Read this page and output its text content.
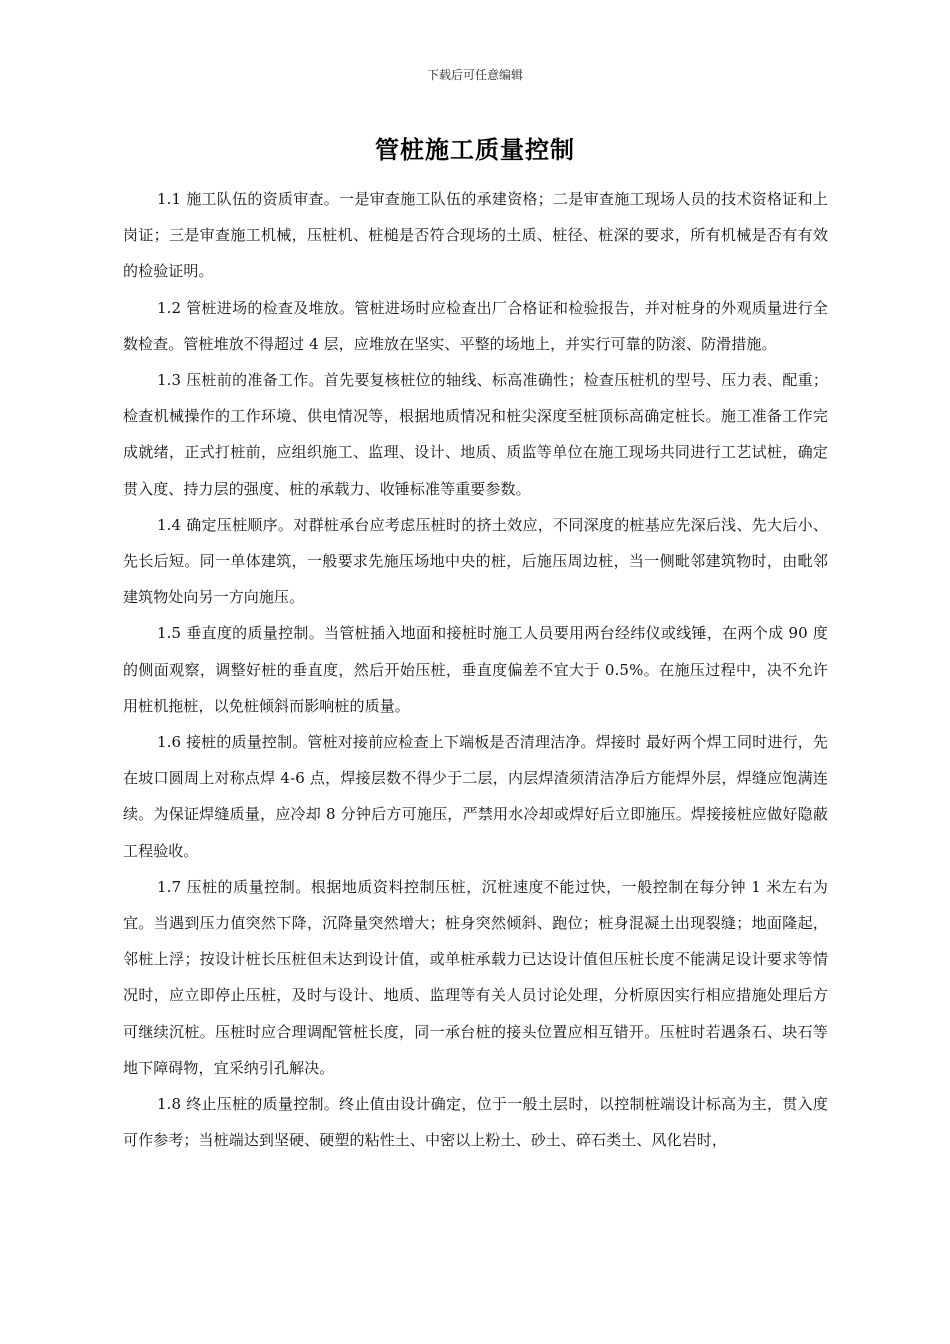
下载后可任意编辑
管桩施工质量控制

1.1 施工队伍的资质审查。一是审查施工队伍的承建资格；二是审查施工现场人员的技术资格证和上岗证；三是审查施工机械，压桩机、桩槌是否符合现场的土质、桩径、桩深的要求，所有机械是否有有效的检验证明。

1.2 管桩进场的检查及堆放。管桩进场时应检查出厂合格证和检验报告，并对桩身的外观质量进行全数检查。管桩堆放不得超过 4 层，应堆放在坚实、平整的场地上，并实行可靠的防滚、防滑措施。

1.3 压桩前的准备工作。首先要复核桩位的轴线、标高准确性；检查压桩机的型号、压力表、配重；检查机械操作的工作环境、供电情况等，根据地质情况和桩尖深度至桩顶标高确定桩长。施工准备工作完成就绪，正式打桩前，应组织施工、监理、设计、地质、质监等单位在施工现场共同进行工艺试桩，确定贯入度、持力层的强度、桩的承载力、收锤标准等重要参数。

1.4 确定压桩顺序。对群桩承台应考虑压桩时的挤土效应，不同深度的桩基应先深后浅、先大后小、先长后短。同一单体建筑，一般要求先施压场地中央的桩，后施压周边桩，当一侧毗邻建筑物时，由毗邻建筑物处向另一方向施压。

1.5 垂直度的质量控制。当管桩插入地面和接桩时施工人员要用两台经纬仪或线锤，在两个成 90 度的侧面观察，调整好桩的垂直度，然后开始压桩，垂直度偏差不宜大于 0.5%。在施压过程中，决不允许用桩机拖桩，以免桩倾斜而影响桩的质量。

1.6 接桩的质量控制。管桩对接前应检查上下端板是否清理洁净。焊接时 最好两个焊工同时进行，先在坡口圆周上对称点焊 4-6 点，焊接层数不得少于二层，内层焊渣须清洁净后方能焊外层，焊缝应饱满连续。为保证焊缝质量，应冷却 8 分钟后方可施压，严禁用水冷却或焊好后立即施压。焊接接桩应做好隐蔽工程验收。

1.7 压桩的质量控制。根据地质资料控制压桩，沉桩速度不能过快，一般控制在每分钟 1 米左右为宜。当遇到压力值突然下降，沉降量突然增大；桩身突然倾斜、跑位；桩身混凝土出现裂缝；地面隆起，邻桩上浮；按设计桩长压桩但未达到设计值，或单桩承载力已达设计值但压桩长度不能满足设计要求等情况时，应立即停止压桩，及时与设计、地质、监理等有关人员讨论处理，分析原因实行相应措施处理后方可继续沉桩。压桩时应合理调配管桩长度，同一承台桩的接头位置应相互错开。压桩时若遇条石、块石等地下障碍物，宜采纳引孔解决。

1.8 终止压桩的质量控制。终止值由设计确定，位于一般土层时，以控制桩端设计标高为主，贯入度可作参考；当桩端达到坚硬、硬塑的粘性土、中密以上粉土、砂土、碎石类土、风化岩时，
